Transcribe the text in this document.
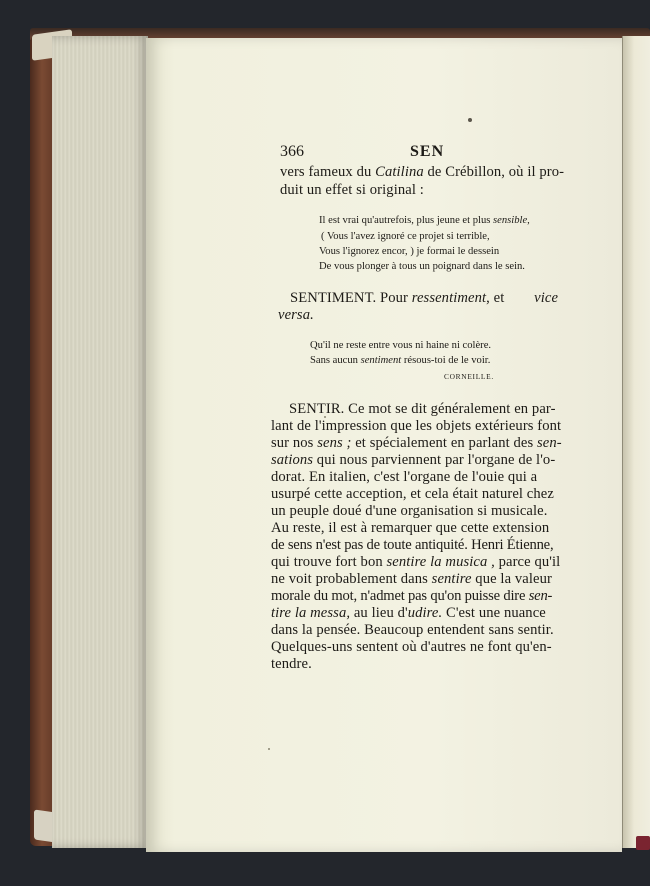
366	SEN
vers fameux du Catilina de Crébillon, où il pro-
duit un effet si original :
Il est vrai qu'autrefois, plus jeune et plus sensible,
( Vous l'avez ignoré ce projet si terrible,
Vous l'ignorez encor, ) je formai le dessein
De vous plonger à tous un poignard dans le sein.
SENTIMENT. Pour ressentiment, et vice
versa.
Qu'il ne reste entre vous ni haine ni colère.
Sans aucun sentiment résous-toi de le voir.
CORNEILLE.
SENTIR. Ce mot se dit généralement en par-
lant de l'impression que les objets extérieurs font
sur nos sens ; et spécialement en parlant des sen-
sations qui nous parviennent par l'organe de l'o-
dorat. En italien, c'est l'organe de l'ouie qui a
usurpé cette acception, et cela était naturel chez
un peuple doué d'une organisation si musicale.
Au reste, il est à remarquer que cette extension
de sens n'est pas de toute antiquité. Henri Étienne,
qui trouve fort bon sentire la musica , parce qu'il
ne voit probablement dans sentire que la valeur
morale du mot, n'admet pas qu'on puisse dire sen-
tire la messa, au lieu d'udire. C'est une nuance
dans la pensée. Beaucoup entendent sans sentir.
Quelques-uns sentent où d'autres ne font qu'en-
tendre.
